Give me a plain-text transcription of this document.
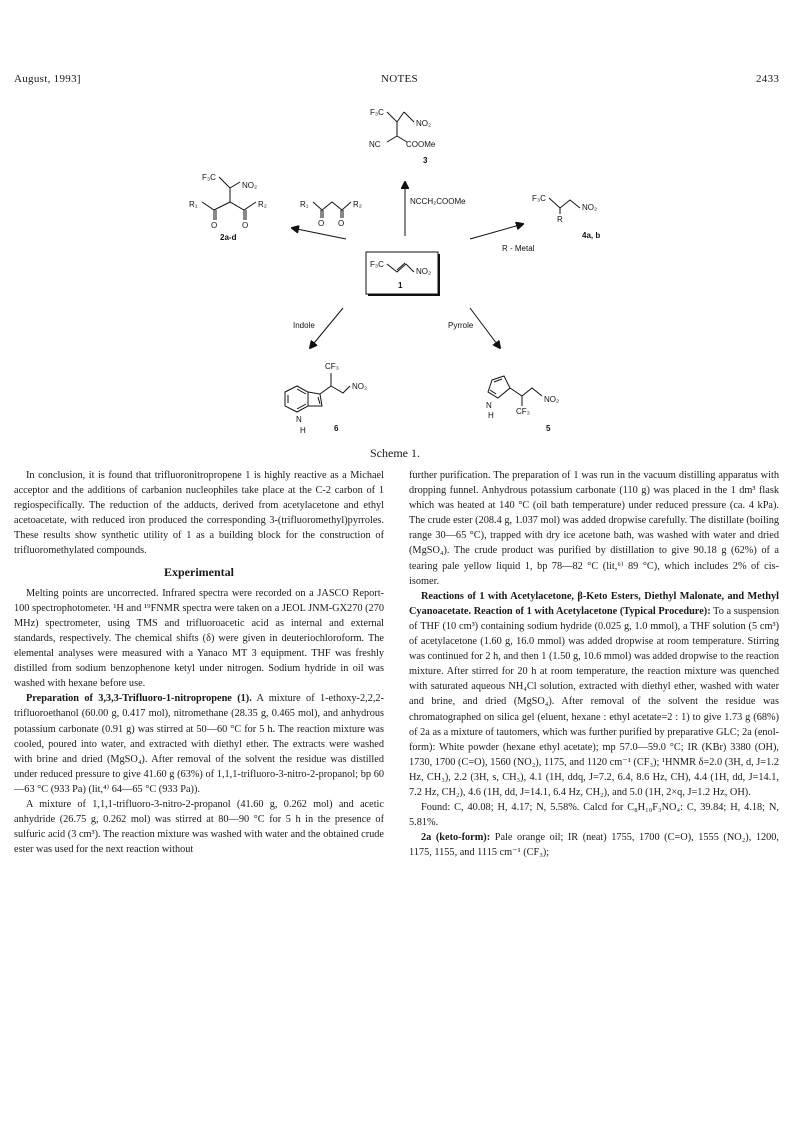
August, 1993]	NOTES	2433
F₃C
NO₂
NC	COOMe
3
F₃C
NO₂
R₁	R₂
O	O
2a-d
R₁	R₂
O O
NCCH₂COOMe	F₃C
NO₂
R
4a, b
R - Metal
Indole	Pyrrole
F₃C
NO₂
1
CF₃
NO₂
N
H	6
NO₂
CF₃
N
H
5
Scheme 1.

In conclusion, it is found that trifluoronitropropene 1 is highly reactive as a Michael acceptor and the additions of carbanion nucleophiles take place at the C-2 carbon of 1 regiospecifically. The reduction of the adducts, derived from acetylacetone and ethyl acetoacetate, with reduced iron produced the corresponding 3-(trifluoromethyl)pyrroles. These results show synthetic utility of 1 as a building block for the construction of trifluoromethylated compounds.

Experimental

Melting points are uncorrected. Infrared spectra were recorded on a JASCO Report-100 spectrophotometer. ¹H and ¹⁹FNMR spectra were taken on a JEOL JNM-GX270 (270 MHz) spectrometer, using TMS and trifluoroacetic acid as internal and external standards, respectively. The chemical shifts (δ) were given in deuteriochloroform. The elemental analyses were measured with a Yanaco MT 3 equipment. THF was freshly distilled from sodium benzophenone ketyl under nitrogen. Sodium hydride in oil was washed with hexane before use.

Preparation of 3,3,3-Trifluoro-1-nitropropene (1). A mixture of 1-ethoxy-2,2,2-trifluoroethanol (60.00 g, 0.417 mol), nitromethane (28.35 g, 0.465 mol), and anhydrous potassium carbonate (0.91 g) was stirred at 50—60 °C for 5 h. The reaction mixture was cooled, poured into water, and extracted with diethyl ether. The extracts were washed with brine and dried (MgSO₄). After removal of the solvent the residue was distilled under reduced pressure to give 41.60 g (63%) of 1,1,1-trifluoro-3-nitro-2-propanol; bp 60—63 °C (933 Pa) (lit,⁴⁾ 64—65 °C (933 Pa)).

A mixture of 1,1,1-trifluoro-3-nitro-2-propanol (41.60 g, 0.262 mol) and acetic anhydride (26.75 g, 0.262 mol) was stirred at 80—90 °C for 5 h in the presence of sulfuric acid (3 cm³). The reaction mixture was washed with water and the obtained crude ester was used for the next reaction without

further purification. The preparation of 1 was run in the vacuum distilling apparatus with dropping funnel. Anhydrous potassium carbonate (110 g) was placed in the 1 dm³ flask which was heated at 140 °C (oil bath temperature) under reduced pressure (ca. 4 kPa). The crude ester (208.4 g, 1.037 mol) was added dropwise carefully. The distillate (boiling range 30—65 °C), trapped with dry ice acetone bath, was washed with water and dried (MgSO₄). The crude product was purified by distillation to give 90.18 g (62%) of a tearing pale yellow liquid 1, bp 78—82 °C (lit,⁶⁾ 89 °C), which includes 2% of cis-isomer.

Reactions of 1 with Acetylacetone, β-Keto Esters, Diethyl Malonate, and Methyl Cyanoacetate. Reaction of 1 with Acetylacetone (Typical Procedure): To a suspension of THF (10 cm³) containing sodium hydride (0.025 g, 1.0 mmol), a THF solution (5 cm³) of acetylacetone (1.60 g, 16.0 mmol) was added dropwise at room temperature. Stirring was continued for 2 h, and then 1 (1.50 g, 10.6 mmol) was added dropwise to the reaction mixture. After stirred for 20 h at room temperature, the reaction mixture was quenched with saturated aqueous NH₄Cl solution, extracted with diethyl ether, washed with water and brine, and dried (MgSO₄). After removal of the solvent the residue was chromatographed on silica gel (eluent, hexane : ethyl acetate=2 : 1) to give 1.73 g (68%) of 2a as a mixture of tautomers, which was further purified by preparative GLC; 2a (enol-form): White powder (hexane ethyl acetate); mp 57.0—59.0 °C; IR (KBr) 3380 (OH), 1730, 1700 (C=O), 1560 (NO₂), 1175, and 1120 cm⁻¹ (CF₃); ¹HNMR δ=2.0 (3H, d, J=1.2 Hz, CH₃), 2.2 (3H, s, CH₃), 4.1 (1H, ddq, J=7.2, 6.4, 8.6 Hz, CH), 4.4 (1H, dd, J=14.1, 7.2 Hz, CH₂), 4.6 (1H, dd, J=14.1, 6.4 Hz, CH₂), and 5.0 (1H, 2×q, J=1.2 Hz, OH).

Found: C, 40.08; H, 4.17; N, 5.58%. Calcd for C₈H₁₀F₃NO₄: C, 39.84; H, 4.18; N, 5.81%.

2a (keto-form): Pale orange oil; IR (neat) 1755, 1700 (C=O), 1555 (NO₂), 1200, 1175, 1155, and 1115 cm⁻¹ (CF₃);
